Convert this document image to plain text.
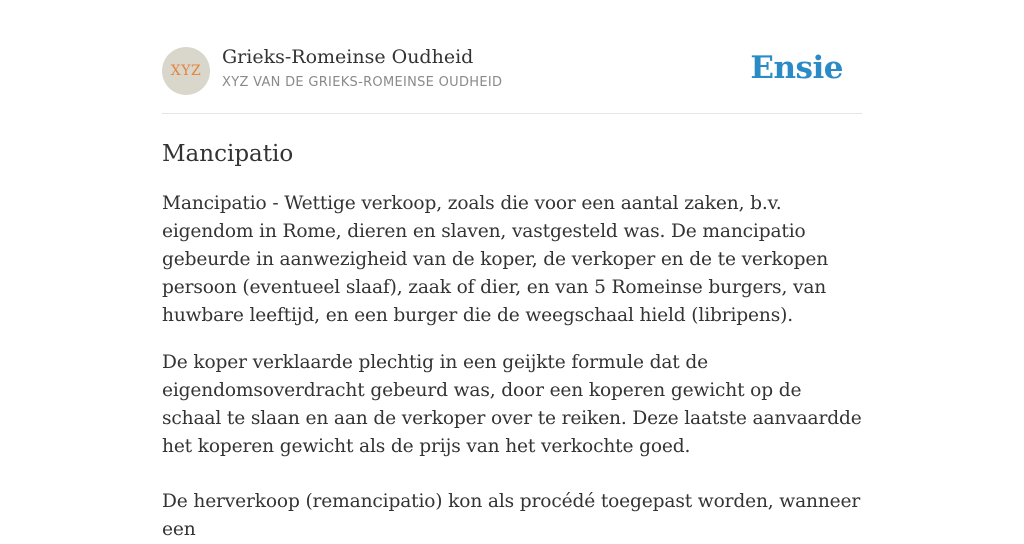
XYZ
Grieks-Romeinse Oudheid
XYZ VAN DE GRIEKS-ROMEINSE OUDHEID	Ensie
Mancipatio

Mancipatio - Wettige verkoop, zoals die voor een aantal zaken, b.v. eigendom in Rome, dieren en slaven, vastgesteld was. De mancipatio gebeurde in aanwezigheid van de koper, de verkoper en de te verkopen persoon (eventueel slaaf), zaak of dier, en van 5 Romeinse burgers, van huwbare leeftijd, en een burger die de weegschaal hield (libripens).

De koper verklaarde plechtig in een geijkte formule dat de eigendomsoverdracht gebeurd was, door een koperen gewicht op de schaal te slaan en aan de verkoper over te reiken. Deze laatste aanvaardde het koperen gewicht als de prijs van het verkochte goed.

De herverkoop (remancipatio) kon als procédé toegepast worden, wanneer een
